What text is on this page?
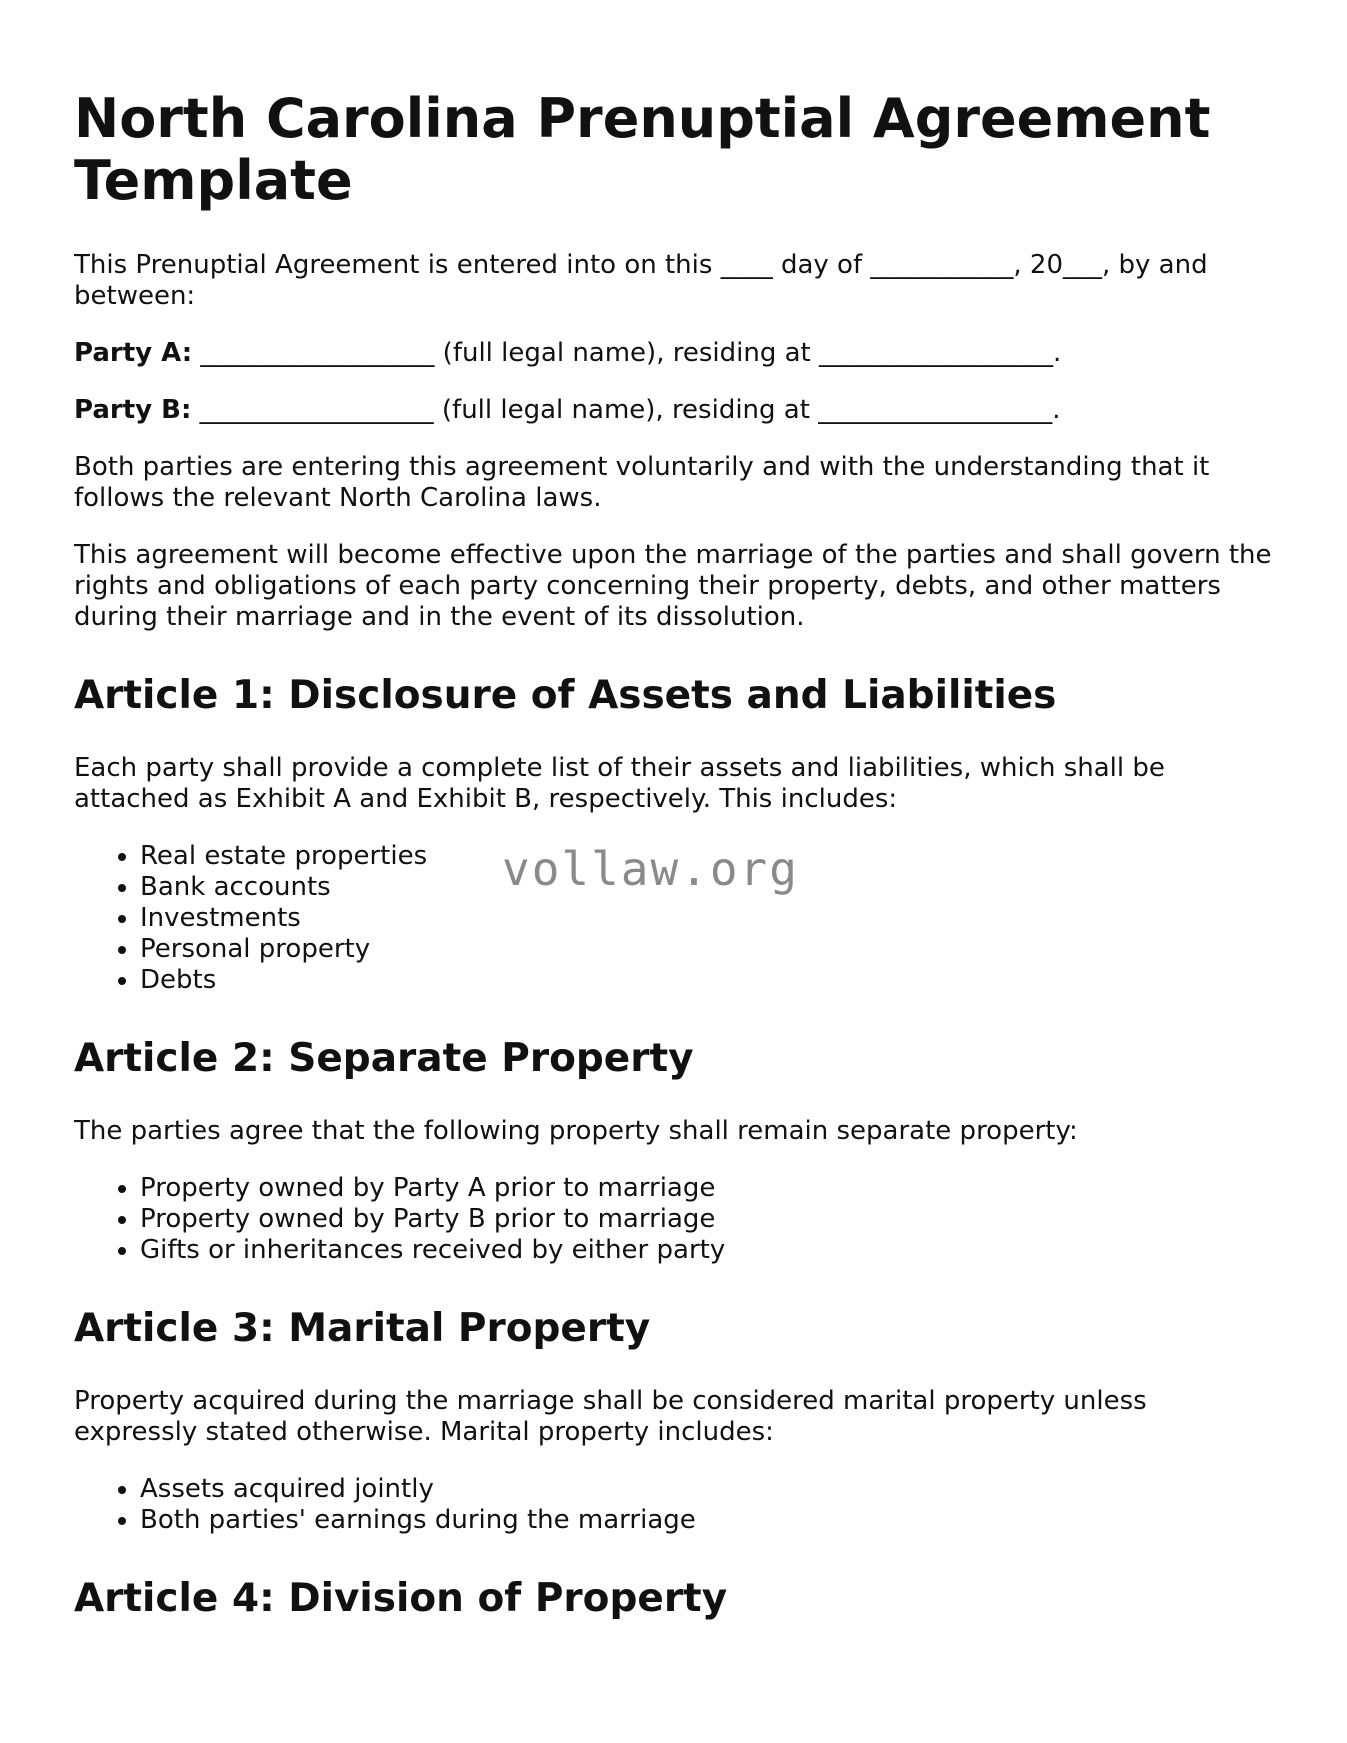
North Carolina Prenuptial Agreement Template

This Prenuptial Agreement is entered into on this ____ day of ___________, 20___, by and between:

Party A: __________________ (full legal name), residing at __________________.

Party B: __________________ (full legal name), residing at __________________.

Both parties are entering this agreement voluntarily and with the understanding that it follows the relevant North Carolina laws.

This agreement will become effective upon the marriage of the parties and shall govern the rights and obligations of each party concerning their property, debts, and other matters during their marriage and in the event of its dissolution.

Article 1: Disclosure of Assets and Liabilities

Each party shall provide a complete list of their assets and liabilities, which shall be attached as Exhibit A and Exhibit B, respectively. This includes:

• Real estate properties
• Bank accounts
• Investments
• Personal property
• Debts
Article 2: Separate Property

The parties agree that the following property shall remain separate property:

• Property owned by Party A prior to marriage
• Property owned by Party B prior to marriage
• Gifts or inheritances received by either party
Article 3: Marital Property

Property acquired during the marriage shall be considered marital property unless expressly stated otherwise. Marital property includes:

• Assets acquired jointly
• Both parties' earnings during the marriage
Article 4: Division of Property
vollaw.org
